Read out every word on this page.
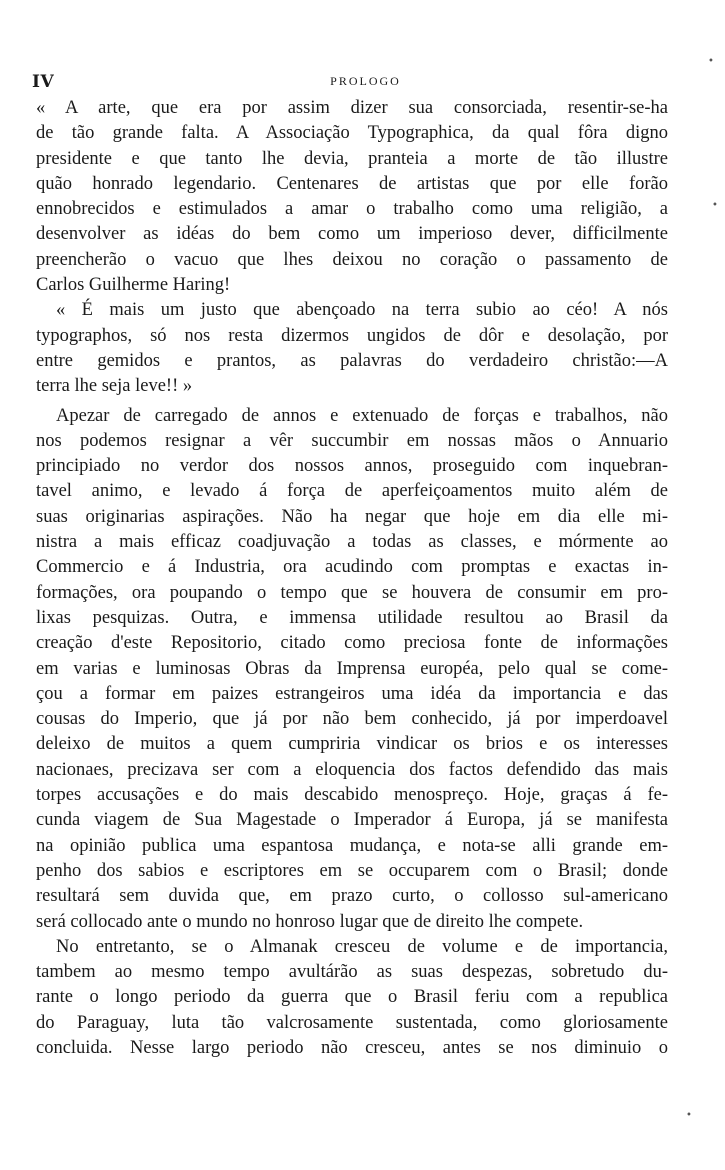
IV	PROLOGO

« A arte, que era por assim dizer sua consorciada, resentir-se-ha
de tão grande falta. A Associação Typographica, da qual fôra digno
presidente e que tanto lhe devia, pranteia a morte de tão illustre
quão honrado legendario. Centenares de artistas que por elle forão
ennobrecidos e estimulados a amar o trabalho como uma religião, a
desenvolver as idéas do bem como um imperioso dever, difficilmente
preencherão o vacuo que lhes deixou no coração o passamento de
Carlos Guilherme Haring!

« É mais um justo que abençoado na terra subio ao céo! A nós
typographos, só nos resta dizermos ungidos de dôr e desolação, por
entre gemidos e prantos, as palavras do verdadeiro christão:—A
terra lhe seja leve!! »

Apezar de carregado de annos e extenuado de forças e trabalhos, não
nos podemos resignar a vêr succumbir em nossas mãos o Annuario
principiado no verdor dos nossos annos, proseguido com inquebran-
tavel animo, e levado á força de aperfeiçoamentos muito além de
suas originarias aspirações. Não ha negar que hoje em dia elle mi-
nistra a mais efficaz coadjuvação a todas as classes, e mórmente ao
Commercio e á Industria, ora acudindo com promptas e exactas in-
formações, ora poupando o tempo que se houvera de consumir em pro-
lixas pesquizas. Outra, e immensa utilidade resultou ao Brasil da
creação d'este Repositorio, citado como preciosa fonte de informações
em varias e luminosas Obras da Imprensa européa, pelo qual se come-
çou a formar em paizes estrangeiros uma idéa da importancia e das
cousas do Imperio, que já por não bem conhecido, já por imperdoavel
deleixo de muitos a quem cumpriria vindicar os brios e os interesses
nacionaes, precizava ser com a eloquencia dos factos defendido das mais
torpes accusações e do mais descabido menospreço. Hoje, graças á fe-
cunda viagem de Sua Magestade o Imperador á Europa, já se manifesta
na opinião publica uma espantosa mudança, e nota-se alli grande em-
penho dos sabios e escriptores em se occuparem com o Brasil; donde
resultará sem duvida que, em prazo curto, o collosso sul-americano
será collocado ante o mundo no honroso lugar que de direito lhe compete.

No entretanto, se o Almanak cresceu de volume e de importancia,
tambem ao mesmo tempo avultárão as suas despezas, sobretudo du-
rante o longo periodo da guerra que o Brasil feriu com a republica
do Paraguay, luta tão valcrosamente sustentada, como gloriosamente
concluida. Nesse largo periodo não cresceu, antes se nos diminuio o

•
•
•
